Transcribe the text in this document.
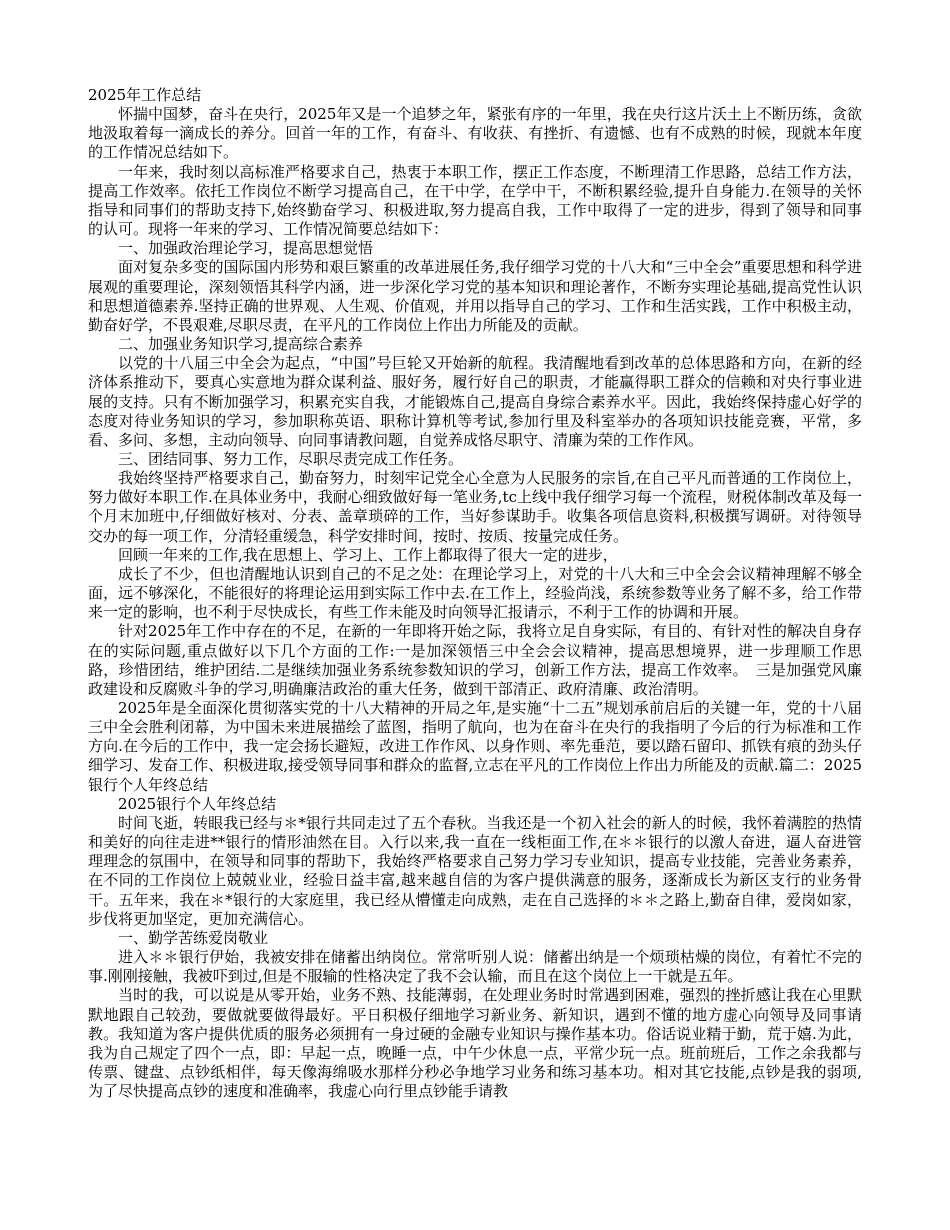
2025年工作总结

怀揣中国梦，奋斗在央行，2025年又是一个追梦之年，紧张有序的一年里，我在央行这片沃土上不断历练，贪欲地汲取着每一滴成长的养分。回首一年的工作，有奋斗、有收获、有挫折、有遗憾、也有不成熟的时候，现就本年度的工作情况总结如下。

一年来，我时刻以高标准严格要求自己，热衷于本职工作，摆正工作态度，不断理清工作思路，总结工作方法，提高工作效率。依托工作岗位不断学习提高自己，在干中学，在学中干，不断积累经验,提升自身能力.在领导的关怀指导和同事们的帮助支持下,始终勤奋学习、积极进取,努力提高自我，工作中取得了一定的进步，得到了领导和同事的认可。现将一年来的学习、工作情况简要总结如下：

一、加强政治理论学习，提高思想觉悟

面对复杂多变的国际国内形势和艰巨繁重的改革进展任务,我仔细学习党的十八大和“三中全会”重要思想和科学进展观的重要理论，深刻领悟其科学内涵，进一步深化学习党的基本知识和理论著作，不断夯实理论基础,提高党性认识和思想道德素养.坚持正确的世界观、人生观、价值观，并用以指导自己的学习、工作和生活实践，工作中积极主动，勤奋好学，不畏艰难,尽职尽责，在平凡的工作岗位上作出力所能及的贡献。

二、加强业务知识学习,提高综合素养

以党的十八届三中全会为起点，“中国”号巨轮又开始新的航程。我清醒地看到改革的总体思路和方向，在新的经济体系推动下，要真心实意地为群众谋利益、服好务，履行好自己的职责，才能赢得职工群众的信赖和对央行事业进展的支持。只有不断加强学习，积累充实自我，才能锻炼自己,提高自身综合素养水平。因此，我始终保持虚心好学的态度对待业务知识的学习，参加职称英语、职称计算机等考试,参加行里及科室举办的各项知识技能竞赛，平常，多看、多问、多想，主动向领导、向同事请教问题，自觉养成恪尽职守、清廉为荣的工作作风。

三、团结同事、努力工作，尽职尽责完成工作任务。

我始终坚持严格要求自己，勤奋努力，时刻牢记党全心全意为人民服务的宗旨,在自己平凡而普通的工作岗位上，努力做好本职工作.在具体业务中，我耐心细致做好每一笔业务,tc上线中我仔细学习每一个流程，财税体制改革及每一个月末加班中,仔细做好核对、分表、盖章琐碎的工作，当好参谋助手。收集各项信息资料,积极撰写调研。对待领导交办的每一项工作，分清轻重缓急，科学安排时间，按时、按质、按量完成任务。

回顾一年来的工作,我在思想上、学习上、工作上都取得了很大一定的进步，

成长了不少，但也清醒地认识到自己的不足之处：在理论学习上，对党的十八大和三中全会会议精神理解不够全面，远不够深化，不能很好的将理论运用到实际工作中去.在工作上，经验尚浅，系统参数等业务了解不多，给工作带来一定的影响，也不利于尽快成长，有些工作未能及时向领导汇报请示，不利于工作的协调和开展。

针对2025年工作中存在的不足，在新的一年即将开始之际，我将立足自身实际，有目的、有针对性的解决自身存在的实际问题,重点做好以下几个方面的工作:一是加深领悟三中全会会议精神，提高思想境界，进一步理顺工作思路，珍惜团结，维护团结.二是继续加强业务系统参数知识的学习，创新工作方法，提高工作效率。　三是加强党风廉政建设和反腐败斗争的学习,明确廉洁政治的重大任务，做到干部清正、政府清廉、政治清明。

2025年是全面深化贯彻落实党的十八大精神的开局之年,是实施“十二五”规划承前启后的关键一年，党的十八届三中全会胜利闭幕，为中国未来进展描绘了蓝图，指明了航向，也为在奋斗在央行的我指明了今后的行为标准和工作方向.在今后的工作中，我一定会扬长避短，改进工作作风、以身作则、率先垂范，要以踏石留印、抓铁有痕的劲头仔细学习、发奋工作、积极进取,接受领导同事和群众的监督,立志在平凡的工作岗位上作出力所能及的贡献.篇二：2025银行个人年终总结

2025银行个人年终总结

时间飞逝，转眼我已经与＊*银行共同走过了五个春秋。当我还是一个初入社会的新人的时候，我怀着满腔的热情和美好的向往走进**银行的情形油然在目。入行以来,我一直在一线柜面工作,在＊＊银行的以激人奋进，逼人奋进管理理念的氛围中，在领导和同事的帮助下，我始终严格要求自己努力学习专业知识，提高专业技能，完善业务素养，在不同的工作岗位上兢兢业业，经验日益丰富,越来越自信的为客户提供满意的服务，逐渐成长为新区支行的业务骨干。五年来，我在＊*银行的大家庭里，我已经从懵懂走向成熟，走在自己选择的＊＊之路上,勤奋自律，爱岗如家，步伐将更加坚定，更加充满信心。

一、勤学苦练爱岗敬业

进入＊＊银行伊始，我被安排在储蓄出纳岗位。常常听别人说：储蓄出纳是一个烦琐枯燥的岗位，有着忙不完的事.刚刚接触，我被吓到过,但是不服输的性格决定了我不会认输，而且在这个岗位上一干就是五年。

当时的我，可以说是从零开始，业务不熟、技能薄弱，在处理业务时时常遇到困难，强烈的挫折感让我在心里默默地跟自己较劲，要做就要做得最好。平日积极仔细地学习新业务、新知识，遇到不懂的地方虚心向领导及同事请教。我知道为客户提供优质的服务必须拥有一身过硬的金融专业知识与操作基本功。俗话说业精于勤，荒于嬉.为此，我为自己规定了四个一点，即：早起一点，晚睡一点，中午少休息一点，平常少玩一点。班前班后，工作之余我都与传票、键盘、点钞纸相伴，每天像海绵吸水那样分秒必争地学习业务和练习基本功。相对其它技能,点钞是我的弱项,为了尽快提高点钞的速度和准确率，我虚心向行里点钞能手请教
